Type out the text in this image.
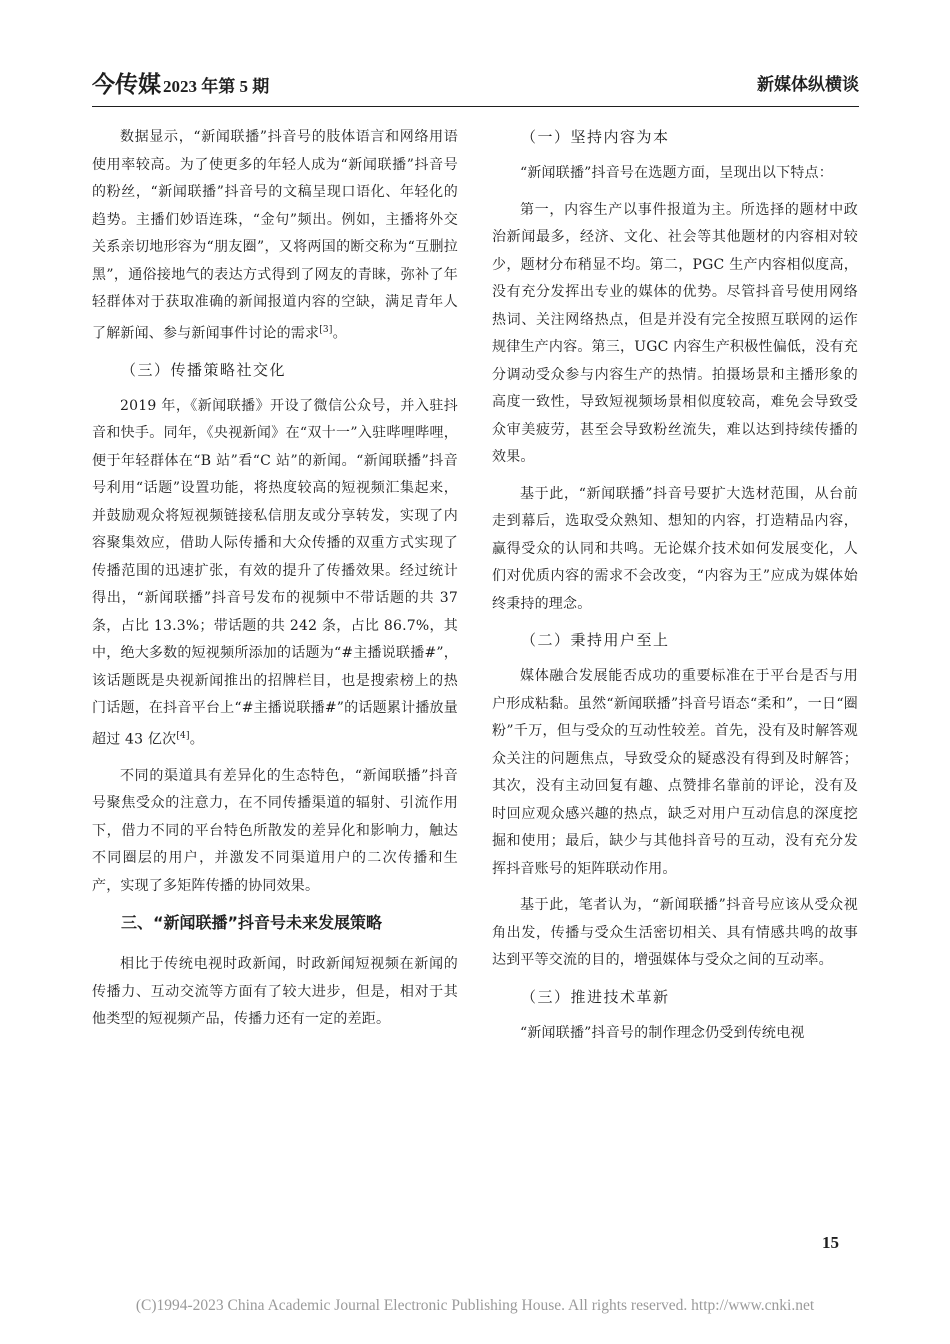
今传媒 2023 年第 5 期	新媒体纵横谈

数据显示，“新闻联播”抖音号的肢体语言和网络用语使用率较高。为了使更多的年轻人成为“新闻联播”抖音号的粉丝，“新闻联播”抖音号的文稿呈现口语化、年轻化的趋势。主播们妙语连珠，“金句”频出。例如，主播将外交关系亲切地形容为“朋友圈”，又将两国的断交称为“互删拉黑”，通俗接地气的表达方式得到了网友的青睐，弥补了年轻群体对于获取准确的新闻报道内容的空缺，满足青年人了解新闻、参与新闻事件讨论的需求[3]。

（三）传播策略社交化

2019 年，《新闻联播》开设了微信公众号，并入驻抖音和快手。同年，《央视新闻》在“双十一”入驻哔哩哔哩，便于年轻群体在“B 站”看“C 站”的新闻。“新闻联播”抖音号利用“话题”设置功能，将热度较高的短视频汇集起来，并鼓励观众将短视频链接私信朋友或分享转发，实现了内容聚集效应，借助人际传播和大众传播的双重方式实现了传播范围的迅速扩张，有效的提升了传播效果。经过统计得出，“新闻联播”抖音号发布的视频中不带话题的共 37 条，占比 13.3%；带话题的共 242 条，占比 86.7%，其中，绝大多数的短视频所添加的话题为“#主播说联播#”，该话题既是央视新闻推出的招牌栏目，也是搜索榜上的热门话题，在抖音平台上“#主播说联播#”的话题累计播放量超过 43 亿次[4]。

不同的渠道具有差异化的生态特色，“新闻联播”抖音号聚焦受众的注意力，在不同传播渠道的辐射、引流作用下，借力不同的平台特色所散发的差异化和影响力，触达不同圈层的用户，并激发不同渠道用户的二次传播和生产，实现了多矩阵传播的协同效果。

三、“新闻联播”抖音号未来发展策略

相比于传统电视时政新闻，时政新闻短视频在新闻的传播力、互动交流等方面有了较大进步，但是，相对于其他类型的短视频产品，传播力还有一定的差距。

（一）坚持内容为本

“新闻联播”抖音号在选题方面，呈现出以下特点：

第一，内容生产以事件报道为主。所选择的题材中政治新闻最多，经济、文化、社会等其他题材的内容相对较少，题材分布稍显不均。第二，PGC 生产内容相似度高，没有充分发挥出专业的媒体的优势。尽管抖音号使用网络热词、关注网络热点，但是并没有完全按照互联网的运作规律生产内容。第三，UGC 内容生产积极性偏低，没有充分调动受众参与内容生产的热情。拍摄场景和主播形象的高度一致性，导致短视频场景相似度较高，难免会导致受众审美疲劳，甚至会导致粉丝流失，难以达到持续传播的效果。

基于此，“新闻联播”抖音号要扩大选材范围，从台前走到幕后，选取受众熟知、想知的内容，打造精品内容，赢得受众的认同和共鸣。无论媒介技术如何发展变化，人们对优质内容的需求不会改变，“内容为王”应成为媒体始终秉持的理念。

（二）秉持用户至上

媒体融合发展能否成功的重要标准在于平台是否与用户形成粘黏。虽然“新闻联播”抖音号语态“柔和”，一日“圈粉”千万，但与受众的互动性较差。首先，没有及时解答观众关注的问题焦点，导致受众的疑惑没有得到及时解答；其次，没有主动回复有趣、点赞排名靠前的评论，没有及时回应观众感兴趣的热点，缺乏对用户互动信息的深度挖掘和使用；最后，缺少与其他抖音号的互动，没有充分发挥抖音账号的矩阵联动作用。

基于此，笔者认为，“新闻联播”抖音号应该从受众视角出发，传播与受众生活密切相关、具有情感共鸣的故事达到平等交流的目的，增强媒体与受众之间的互动率。

（三）推进技术革新

“新闻联播”抖音号的制作理念仍受到传统电视

15
(C)1994-2023 China Academic Journal Electronic Publishing House. All rights reserved. http://www.cnki.net
